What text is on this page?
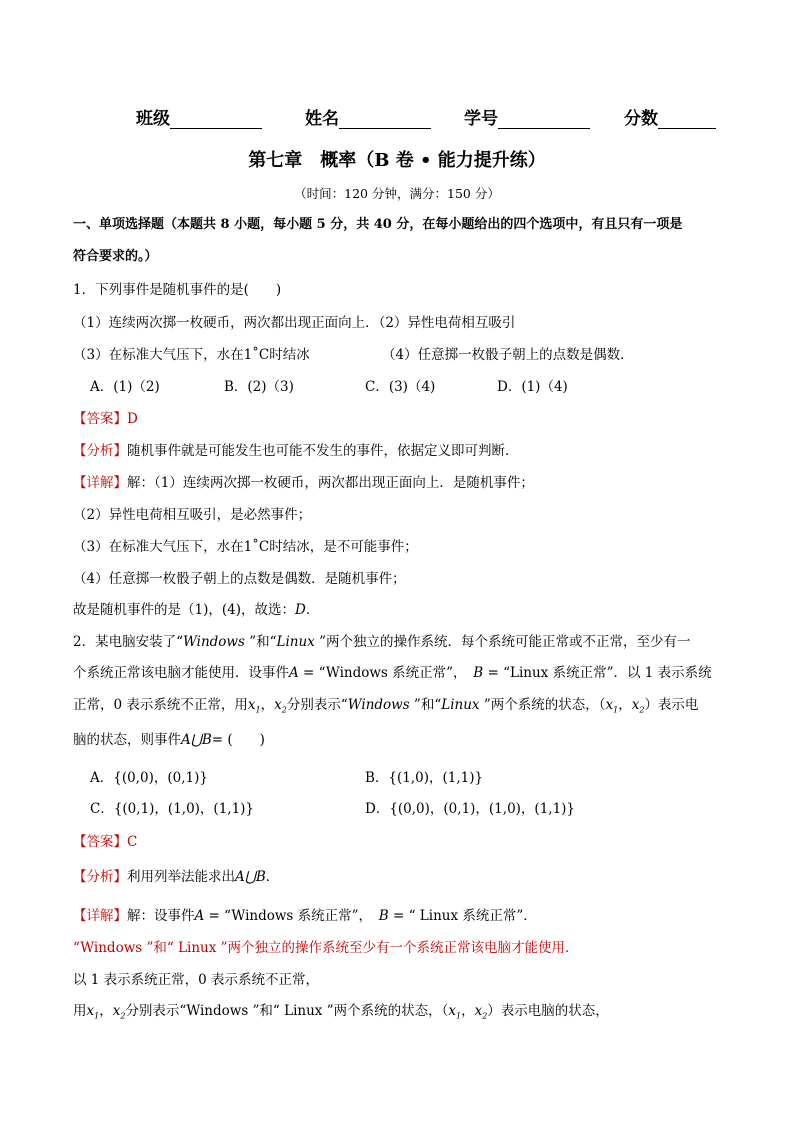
班级	姓名	学号	分数
第七章　概率（B 卷 • 能力提升练）
（时间：120 分钟，满分：150 分）
一、单项选择题（本题共 8 小题，每小题 5 分，共 40 分，在每小题给出的四个选项中，有且只有一项是
符合要求的。）
1．下列事件是随机事件的是(　　)
（1）连续两次掷一枚硬币，两次都出现正面向上．（2）异性电荷相互吸引
（3）在标准大气压下，水在1˚C时结冰	（4）任意掷一枚骰子朝上的点数是偶数．
A．(1)（2)	B．(2)（3)	C．(3)（4)	D．(1)（4)
【答案】D
【分析】随机事件就是可能发生也可能不发生的事件，依据定义即可判断．
【详解】解：（1）连续两次掷一枚硬币，两次都出现正面向上．是随机事件；
（2）异性电荷相互吸引，是必然事件；
（3）在标准大气压下，水在1˚C时结冰，是不可能事件；
（4）任意掷一枚骰子朝上的点数是偶数．是随机事件；
故是随机事件的是（1)，(4)，故选：D．
2．某电脑安装了“Windows ”和“Linux ”两个独立的操作系统．每个系统可能正常或不正常，至少有一
个系统正常该电脑才能使用．设事件A = “Windows 系统正常”，　 B = “Linux 系统正常”．以 1 表示系统
正常，0 表示系统不正常，用$x_1$，$x_2$分别表示“Windows ”和“Linux ”两个系统的状态，（$x_1$，$x_2$）表示电
脑的状态，则事件A⋃B= (　　)
A．{(0,0)，(0,1)}	B．{(1,0)，(1,1)}
C．{(0,1)，(1,0)，(1,1)}	D．{(0,0)，(0,1)，(1,0)，(1,1)}
【答案】C
【分析】利用列举法能求出A⋃B．
【详解】解：设事件A = “Windows 系统正常”，　 B = “ Linux 系统正常”．
“Windows ”和“ Linux ”两个独立的操作系统至少有一个系统正常该电脑才能使用．
以 1 表示系统正常，0 表示系统不正常，
用$x_1$，$x_2$分别表示“Windows ”和“ Linux ”两个系统的状态，（$x_1$，$x_2$）表示电脑的状态，
